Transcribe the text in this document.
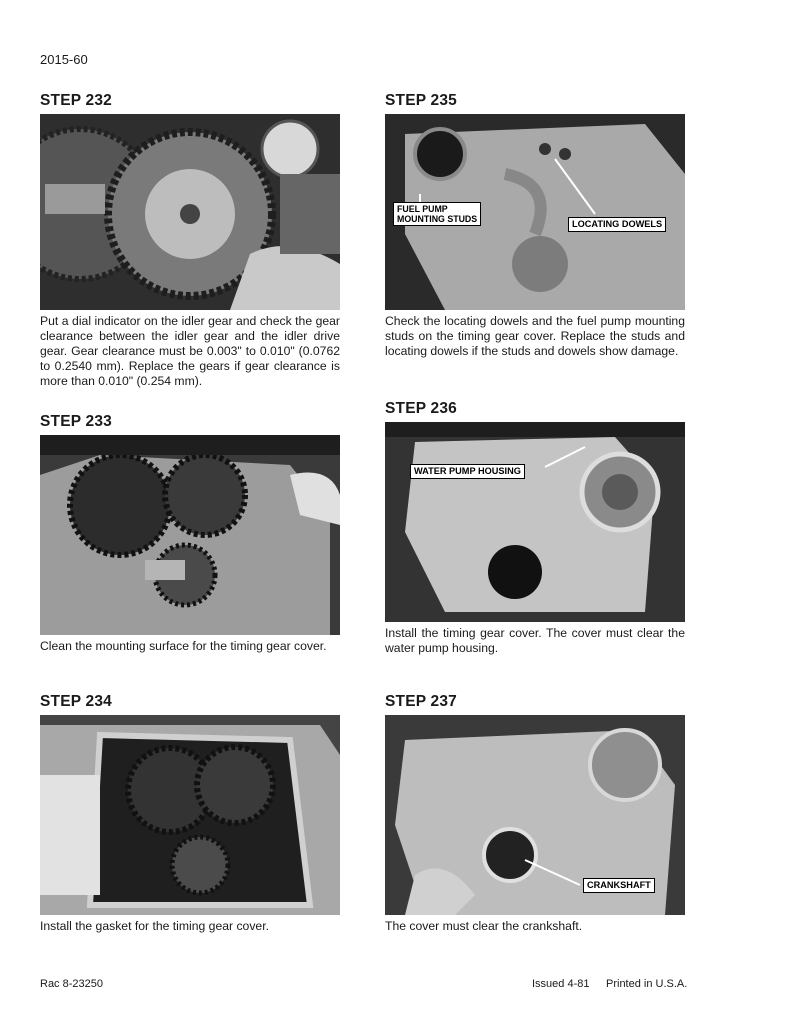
2015-60
STEP 232
Put a dial indicator on the idler gear and check the gear clearance between the idler gear and the idler drive gear. Gear clearance must be 0.003" to 0.010" (0.0762 to 0.2540 mm). Replace the gears if gear clearance is more than 0.010" (0.254 mm).
STEP 233
Clean the mounting surface for the timing gear cover.
STEP 234
Install the gasket for the timing gear cover.
STEP 235
FUEL PUMP
MOUNTING STUDS	LOCATING DOWELS
Check the locating dowels and the fuel pump mounting studs on the timing gear cover. Replace the studs and locating dowels if the studs and dowels show damage.
STEP 236
WATER PUMP HOUSING
Install the timing gear cover. The cover must clear the water pump housing.
STEP 237
CRANKSHAFT
The cover must clear the crankshaft.
Rac 8-23250	Issued 4-81 Printed in U.S.A.
